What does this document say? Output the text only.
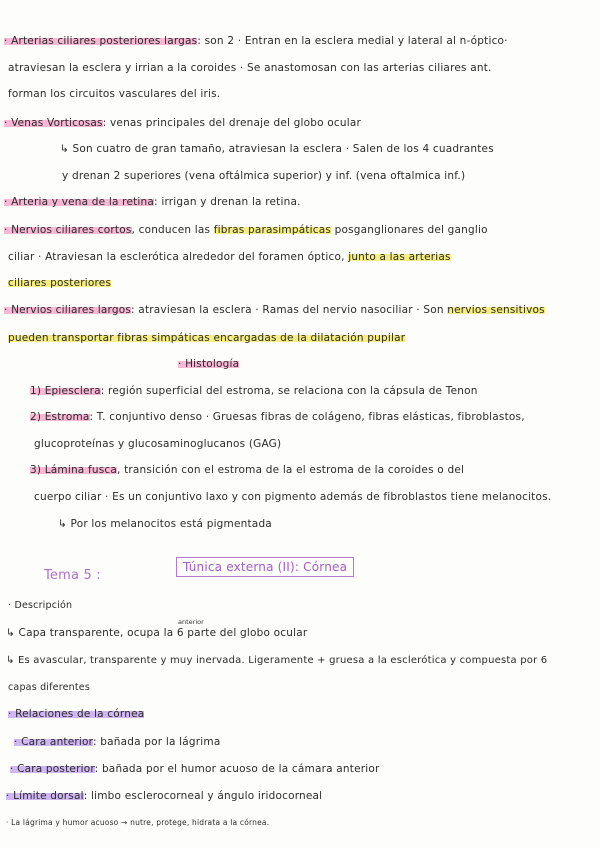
· Arterias ciliares posteriores largas: son 2 · Entran en la esclera medial y lateral al n-óptico·
atraviesan la esclera y irrian a la coroides · Se anastomosan con las arterias ciliares ant.
forman los circuitos vasculares del iris.
· Venas Vorticosas: venas principales del drenaje del globo ocular
↳ Son cuatro de gran tamaño, atraviesan la esclera · Salen de los 4 cuadrantes
y drenan 2 superiores (vena oftálmica superior) y inf. (vena oftalmica inf.)
· Arteria y vena de la retina: irrigan y drenan la retina.
· Nervios ciliares cortos, conducen las fibras parasimpáticas posganglionares del ganglio
ciliar · Atraviesan la esclerótica alrededor del foramen óptico, junto a las arterias
ciliares posteriores
· Nervios ciliares largos: atraviesan la esclera · Ramas del nervio nasociliar · Son nervios sensitivos
pueden transportar fibras simpáticas encargadas de la dilatación pupilar
· Histología
1) Epiesclera: región superficial del estroma, se relaciona con la cápsula de Tenon
2) Estroma: T. conjuntivo denso · Gruesas fibras de colágeno, fibras elásticas, fibroblastos,
glucoproteínas y glucosaminoglucanos (GAG)
3) Lámina fusca, transición con el estroma de la el estroma de la coroides o del
cuerpo ciliar · Es un conjuntivo laxo y con pigmento además de fibroblastos tiene melanocitos.
↳ Por los melanocitos está pigmentada
Tema 5 :
Túnica externa (II): Córnea
· Descripción
anterior
↳ Capa transparente, ocupa la 6 parte del globo ocular
↳ Es avascular, transparente y muy inervada. Ligeramente + gruesa a la esclerótica y compuesta por 6
capas diferentes
· Relaciones de la córnea
· Cara anterior: bañada por la lágrima
· Cara posterior: bañada por el humor acuoso de la cámara anterior
· Límite dorsal: limbo esclerocorneal y ángulo iridocorneal
· La lágrima y humor acuoso → nutre, protege, hidrata a la córnea.
